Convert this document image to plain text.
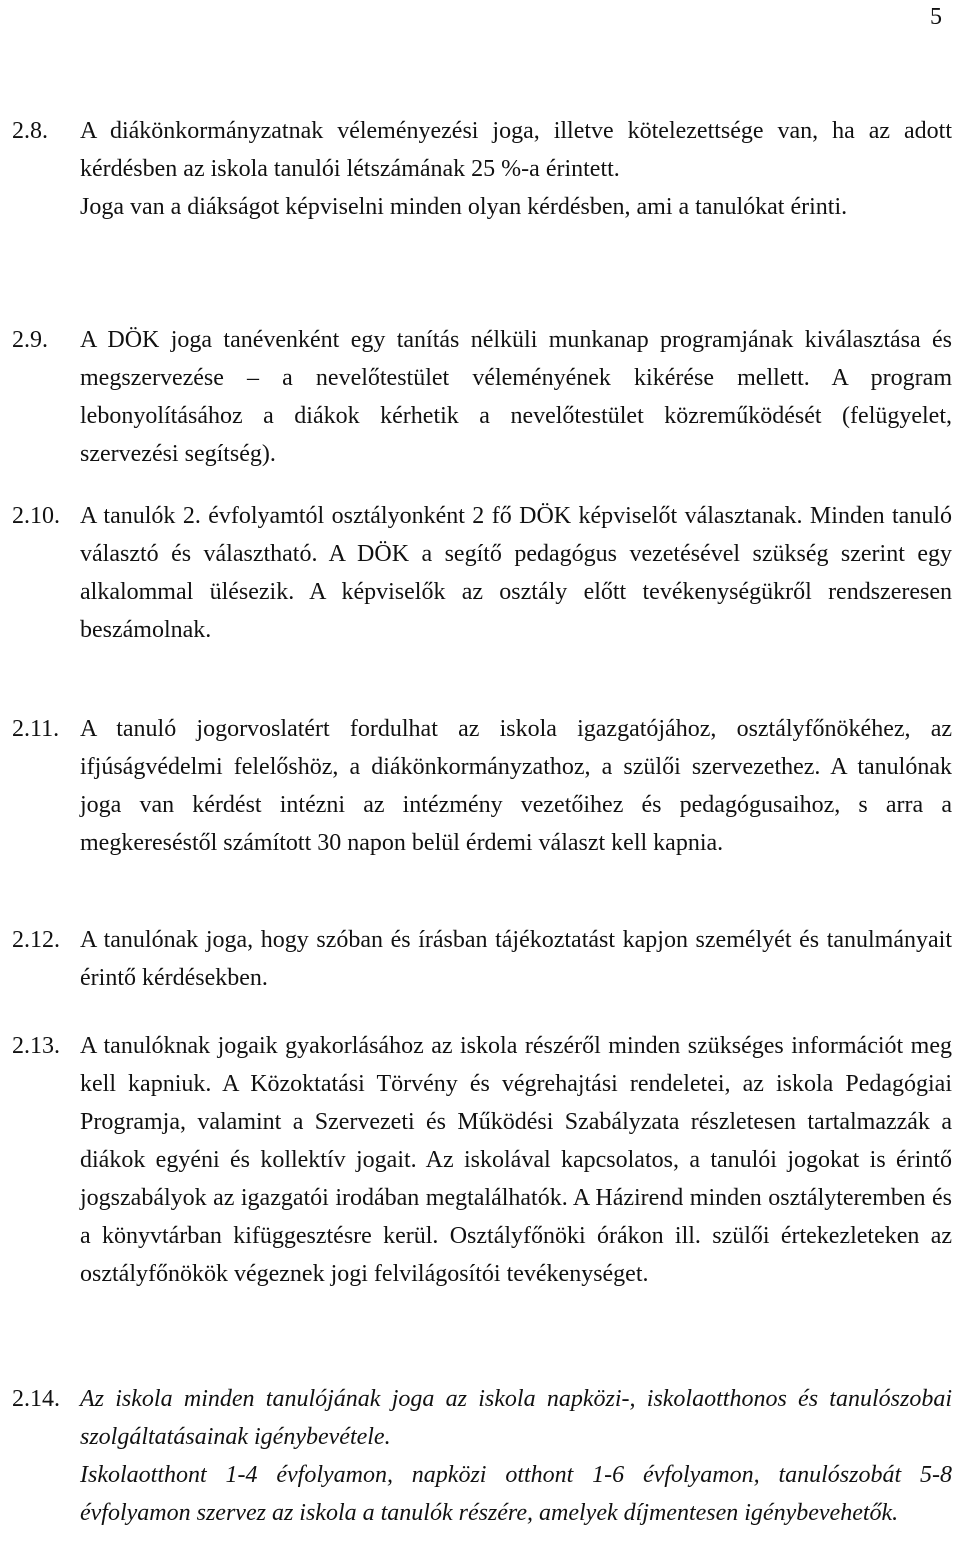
5
2.8. A diákönkormányzatnak véleményezési joga, illetve kötelezettsége van, ha az adott kérdésben az iskola tanulói létszámának 25 %-a érintett.

Joga van a diákságot képviselni minden olyan kérdésben, ami a tanulókat érinti.

2.9. A DÖK joga tanévenként egy tanítás nélküli munkanap programjának kiválasztása és megszervezése – a nevelőtestület véleményének kikérése mellett. A program lebonyolításához a diákok kérhetik a nevelőtestület közreműködését (felügyelet, szervezési segítség).

2.10. A tanulók 2. évfolyamtól osztályonként 2 fő DÖK képviselőt választanak. Minden tanuló választó és választható. A DÖK a segítő pedagógus vezetésével szükség szerint egy alkalommal ülésezik. A képviselők az osztály előtt tevékenységükről rendszeresen beszámolnak.

2.11. A tanuló jogorvoslatért fordulhat az iskola igazgatójához, osztályfőnökéhez, az ifjúságvédelmi felelőshöz, a diákönkormányzathoz, a szülői szervezethez. A tanulónak joga van kérdést intézni az intézmény vezetőihez és pedagógusaihoz, s arra a megkereséstől számított 30 napon belül érdemi választ kell kapnia.

2.12. A tanulónak joga, hogy szóban és írásban tájékoztatást kapjon személyét és tanulmányait érintő kérdésekben.

2.13. A tanulóknak jogaik gyakorlásához az iskola részéről minden szükséges információt meg kell kapniuk. A Közoktatási Törvény és végrehajtási rendeletei, az iskola Pedagógiai Programja, valamint a Szervezeti és Működési Szabályzata részletesen tartalmazzák a diákok egyéni és kollektív jogait. Az iskolával kapcsolatos, a tanulói jogokat is érintő jogszabályok az igazgatói irodában megtalálhatók. A Házirend minden osztályteremben és a könyvtárban kifüggesztésre kerül. Osztályfőnöki órákon ill. szülői értekezleteken az osztályfőnökök végeznek jogi felvilágosítói tevékenységet.

2.14. Az iskola minden tanulójának joga az iskola napközi-, iskolaotthonos és tanulószobai szolgáltatásainak igénybevétele.

Iskolaotthont 1-4 évfolyamon, napközi otthont 1-6 évfolyamon, tanulószobát 5-8 évfolyamon szervez az iskola a tanulók részére, amelyek díjmentesen igénybevehetők.
